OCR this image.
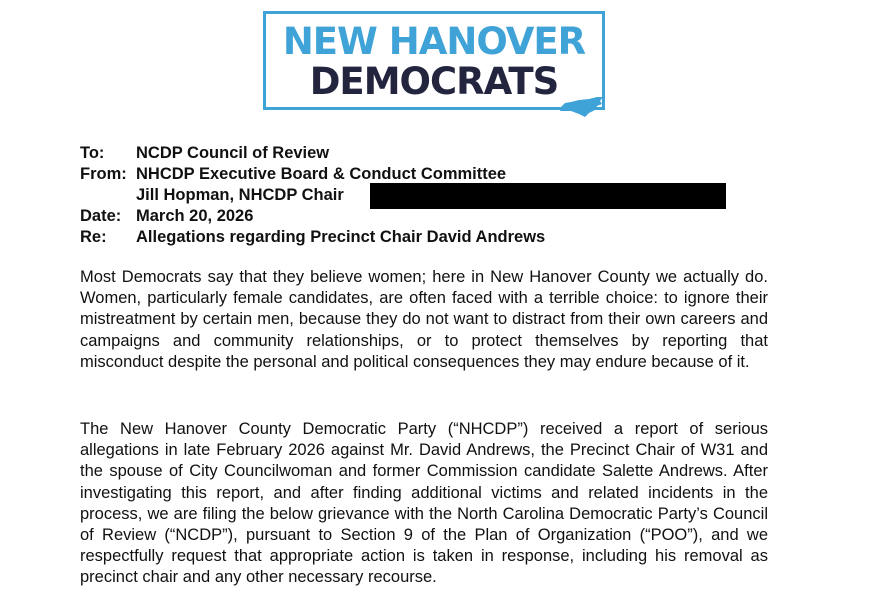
NEW HANOVER
DEMOCRATS
To: NCDP Council of Review
From: NHCDP Executive Board & Conduct Committee
Jill Hopman, NHCDP Chair
Date: March 20, 2026
Re: Allegations regarding Precinct Chair David Andrews

Most Democrats say that they believe women; here in New Hanover County we actually do. Women, particularly female candidates, are often faced with a terrible choice: to ignore their mistreatment by certain men, because they do not want to distract from their own careers and campaigns and community relationships, or to protect themselves by reporting that misconduct despite the personal and political consequences they may endure because of it.

The New Hanover County Democratic Party (“NHCDP”) received a report of serious allegations in late February 2026 against Mr. David Andrews, the Precinct Chair of W31 and the spouse of City Councilwoman and former Commission candidate Salette Andrews. After investigating this report, and after finding additional victims and related incidents in the process, we are filing the below grievance with the North Carolina Democratic Party’s Council of Review (“NCDP”), pursuant to Section 9 of the Plan of Organization (“POO”), and we respectfully request that appropriate action is taken in response, including his removal as precinct chair and any other necessary recourse.
